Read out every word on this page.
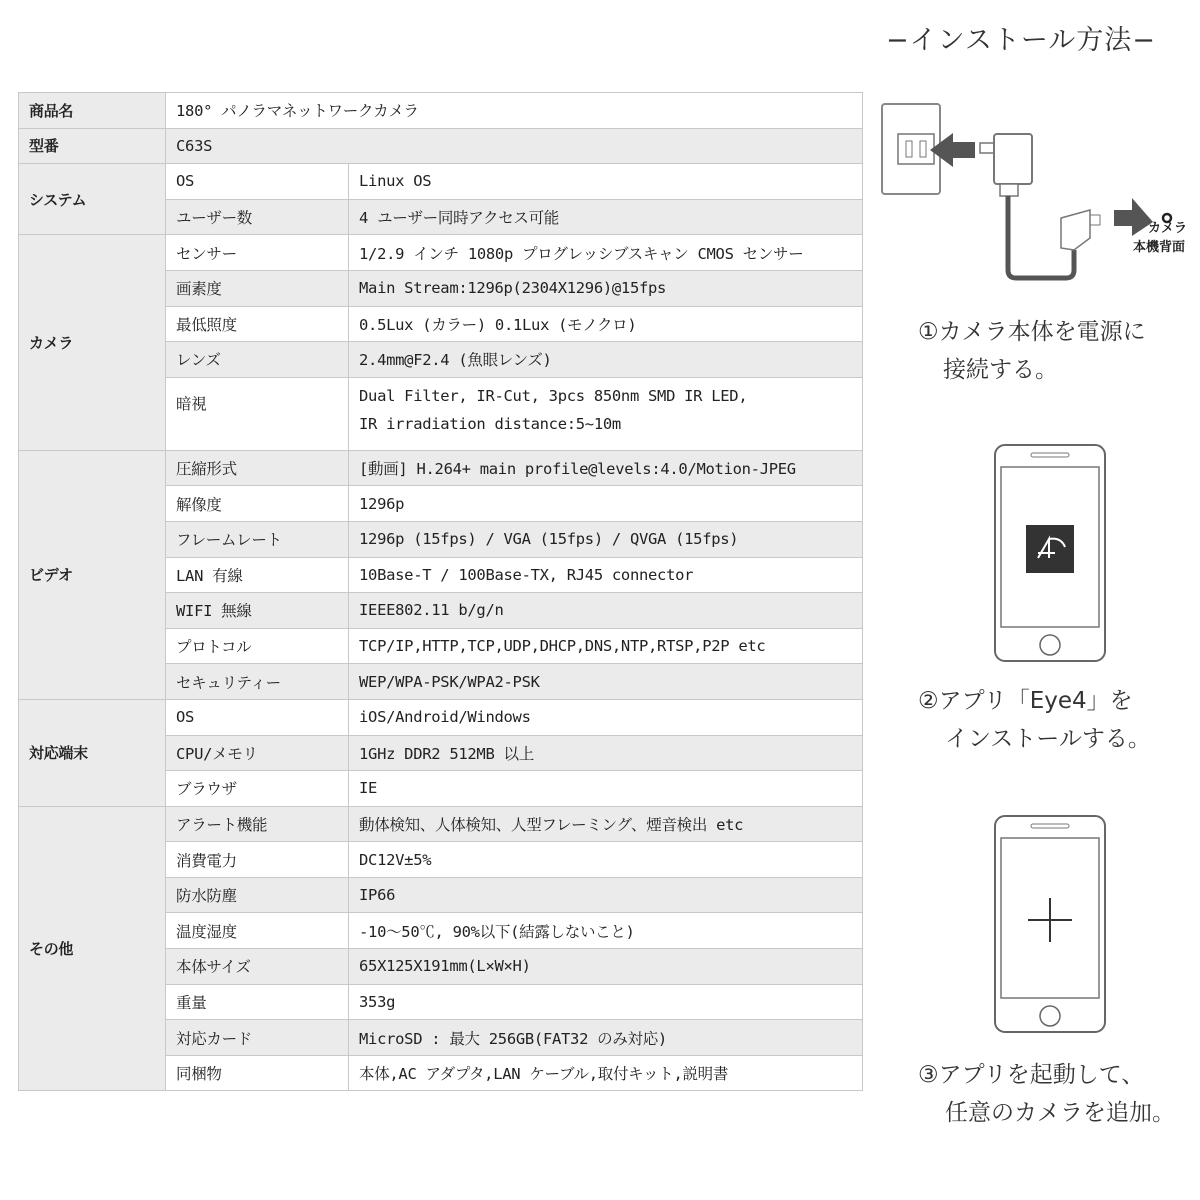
−インストール方法−
商品名	180° パノラマネットワークカメラ	
型番	C63S	
システム	OS	Linux OS
	ユーザー数	4 ユーザー同時アクセス可能
カメラ	センサー	1/2.9 インチ 1080p プログレッシブスキャン CMOS センサー
	画素度	Main Stream:1296p(2304X1296)@15fps
	最低照度	0.5Lux (カラー) 0.1Lux (モノクロ)
	レンズ	2.4mm@F2.4 (魚眼レンズ)
	暗視	Dual Filter, IR-Cut, 3pcs 850nm SMD IR LED,
IR irradiation distance:5~10m

ビデオ	圧縮形式	[動画] H.264+ main profile@levels:4.0/Motion-JPEG
	解像度	1296p
	フレームレート	1296p (15fps) / VGA (15fps) / QVGA (15fps)
	LAN 有線	10Base-T / 100Base-TX, RJ45 connector
	WIFI 無線	IEEE802.11 b/g/n
	プロトコル	TCP/IP,HTTP,TCP,UDP,DHCP,DNS,NTP,RTSP,P2P etc
	セキュリティー	WEP/WPA-PSK/WPA2-PSK
対応端末	OS	iOS/Android/Windows
	CPU/メモリ	1GHz DDR2 512MB 以上
	ブラウザ	IE
その他	アラート機能	動体検知、人体検知、人型フレーミング、煙音検出 etc
	消費電力	DC12V±5%
	防水防塵	IP66
	温度湿度	-10〜50℃, 90%以下(結露しないこと)
	本体サイズ	65X125X191mm(L×W×H)
	重量	353g
	対応カード	MicroSD : 最大 256GB(FAT32 のみ対応)
	同梱物	本体,AC アダプタ,LAN ケーブル,取付キット,説明書
カメラ
本機背面
①カメラ本体を電源に
接続する。
②アプリ「Eye4」を
インストールする。
③アプリを起動して、
任意のカメラを追加。
